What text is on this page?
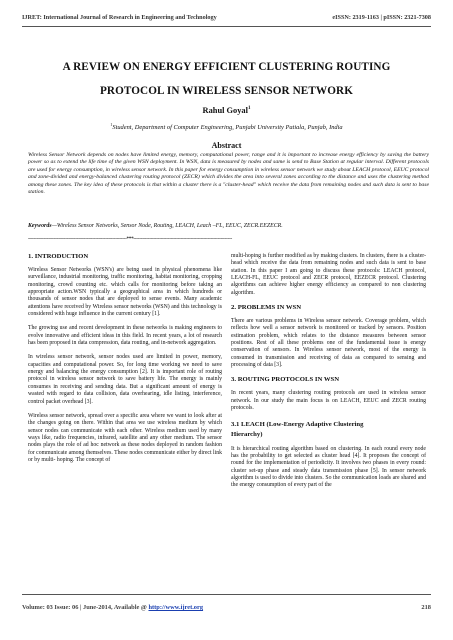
IJRET: International Journal of Research in Engineering and Technology	eISSN: 2319-1163 | pISSN: 2321-7308
A REVIEW ON ENERGY EFFICIENT CLUSTERING ROUTING
PROTOCOL IN WIRELESS SENSOR NETWORK
Rahul Goyal$^1$
$^1$Student, Department of Computer Engineering, Punjabi University Patiala, Punjab, India
Abstract
Wireless Sensor Network depends on nodes have limited energy, memory, computational power, range and it is important to increase energy efficiency by saving the battery power so as to extend the life time of the given WSN deployment. In WSN, data is measured by nodes and same is send to Base Station at regular interval. Different protocols are used for energy consumption, in wireless sensor network. In this paper for energy consumption in wireless sensor network we study about LEACH protocol, EEUC protocol and zone-divided and energy-balanced clustering routing protocol (ZECR) which divides the area into several zones according to the distance and uses the clustering method among these zones. The key idea of these protocols is that within a cluster there is a "cluster-head" which receive the data from remaining nodes and such data is sent to base station.
Keywords—Wireless Sensor Networks, Sensor Node, Routing, LEACH, Leach –FL, EEUC, ZECR.EEZECR.
---------------------------------------------------------------------***---------------------------------------------------------------------
1. INTRODUCTION

Wireless Sensor Networks (WSN's) are being used in physical phenomena like surveillance, industrial monitoring, traffic monitoring, habitat monitoring, cropping monitoring, crowd counting etc. which calls for monitoring before taking an appropriate action.WSN typically a geographical area in which hundreds or thousands of sensor nodes that are deployed to sense events. Many academic attentions have received by Wireless sensor networks (WSN) and this technology is considered with huge influence in the current century [1].

The growing use and recent development in these networks is making engineers to evolve innovative and efficient ideas in this field. In recent years, a lot of research has been proposed in data compression, data routing, and in-network aggregation.

In wireless sensor network, sensor nodes used are limited in power, memory, capacities and computational power. So, for long time working we need to save energy and balancing the energy consumption [2]. It is important role of routing protocol in wireless sensor network to save battery life. The energy is mainly consumes in receiving and sending data. But a significant amount of energy is wasted with regard to data collision, data overhearing, idle listing, interference, control packet overhead [3].

Wireless sensor network, spread over a specific area where we want to look after at the changes going on there. Within that area we use wireless medium by which sensor nodes can communicate with each other. Wireless medium used by many ways like, radio frequencies, infrared, satellite and any other medium. The sensor nodes plays the role of ad hoc network as these nodes deployed in random fashion for communicate among themselves. These nodes communicate either by direct link or by multi- hoping. The concept of

multi-hoping is further modified as by making clusters. In clusters, there is a cluster-head which receive the data from remaining nodes and such data is sent to base station. In this paper I am going to discuss these protocols: LEACH protocol, LEACH-FL, EEUC protocol and ZECR protocol, EEZECR protocol. Clustering algorithms can achieve higher energy efficiency as compared to non clustering algorithm.

2. PROBLEMS IN WSN

There are various problems in Wireless sensor network. Coverage problem, which reflects how well a sensor network is monitored or tracked by sensors. Position estimation problem, which relates to the distance measures between sensor positions. Rest of all these problems one of the fundamental issue is energy conservation of sensors. In Wireless sensor network, most of the energy is consumed in transmission and receiving of data as compared to sensing and processing of data [3].

3. ROUTING PROTOCOLS IN WSN

In recent years, many clustering routing protocols are used in wireless sensor network. In our study the main focus is on LEACH, EEUC and ZECR routing protocols.

3.1 LEACH (Low-Energy Adaptive Clustering
Hierarchy)

It is hierarchical routing algorithm based on clustering. In each round every node has the probability to get selected as cluster head [4]. It proposes the concept of round for the implementation of periodicity. It involves two phases in every round: cluster set-up phase and steady data transmission phase [5]. In sensor network algorithm is used to divide into clusters. So the communication loads are shared and the energy consumption of every part of the

Volume: 03 Issue: 06 | June-2014, Available @ http://www.ijret.org	218
